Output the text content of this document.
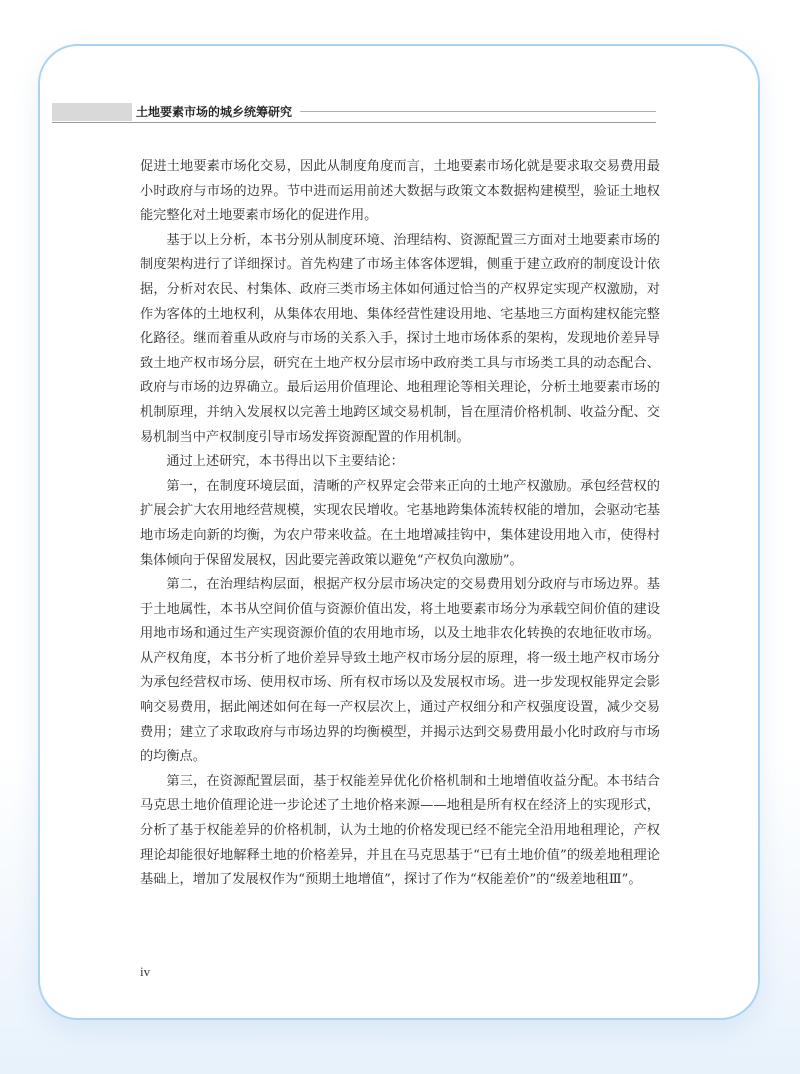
土地要素市场的城乡统筹研究

促进土地要素市场化交易，因此从制度角度而言，土地要素市场化就是要求取交易费用最小时政府与市场的边界。节中进而运用前述大数据与政策文本数据构建模型，验证土地权能完整化对土地要素市场化的促进作用。

基于以上分析，本书分别从制度环境、治理结构、资源配置三方面对土地要素市场的制度架构进行了详细探讨。首先构建了市场主体客体逻辑，侧重于建立政府的制度设计依据，分析对农民、村集体、政府三类市场主体如何通过恰当的产权界定实现产权激励，对作为客体的土地权利，从集体农用地、集体经营性建设用地、宅基地三方面构建权能完整化路径。继而着重从政府与市场的关系入手，探讨土地市场体系的架构，发现地价差异导致土地产权市场分层，研究在土地产权分层市场中政府类工具与市场类工具的动态配合、政府与市场的边界确立。最后运用价值理论、地租理论等相关理论，分析土地要素市场的机制原理，并纳入发展权以完善土地跨区域交易机制，旨在厘清价格机制、收益分配、交易机制当中产权制度引导市场发挥资源配置的作用机制。

通过上述研究，本书得出以下主要结论：

第一，在制度环境层面，清晰的产权界定会带来正向的土地产权激励。承包经营权的扩展会扩大农用地经营规模，实现农民增收。宅基地跨集体流转权能的增加，会驱动宅基地市场走向新的均衡，为农户带来收益。在土地增减挂钩中，集体建设用地入市，使得村集体倾向于保留发展权，因此要完善政策以避免“产权负向激励”。

第二，在治理结构层面，根据产权分层市场决定的交易费用划分政府与市场边界。基于土地属性，本书从空间价值与资源价值出发，将土地要素市场分为承载空间价值的建设用地市场和通过生产实现资源价值的农用地市场，以及土地非农化转换的农地征收市场。从产权角度，本书分析了地价差异导致土地产权市场分层的原理，将一级土地产权市场分为承包经营权市场、使用权市场、所有权市场以及发展权市场。进一步发现权能界定会影响交易费用，据此阐述如何在每一产权层次上，通过产权细分和产权强度设置，减少交易费用；建立了求取政府与市场边界的均衡模型，并揭示达到交易费用最小化时政府与市场的均衡点。

第三，在资源配置层面，基于权能差异优化价格机制和土地增值收益分配。本书结合马克思土地价值理论进一步论述了土地价格来源——地租是所有权在经济上的实现形式，分析了基于权能差异的价格机制，认为土地的价格发现已经不能完全沿用地租理论，产权理论却能很好地解释土地的价格差异，并且在马克思基于“已有土地价值”的级差地租理论基础上，增加了发展权作为“预期土地增值”，探讨了作为“权能差价”的“级差地租Ⅲ”。

iv
